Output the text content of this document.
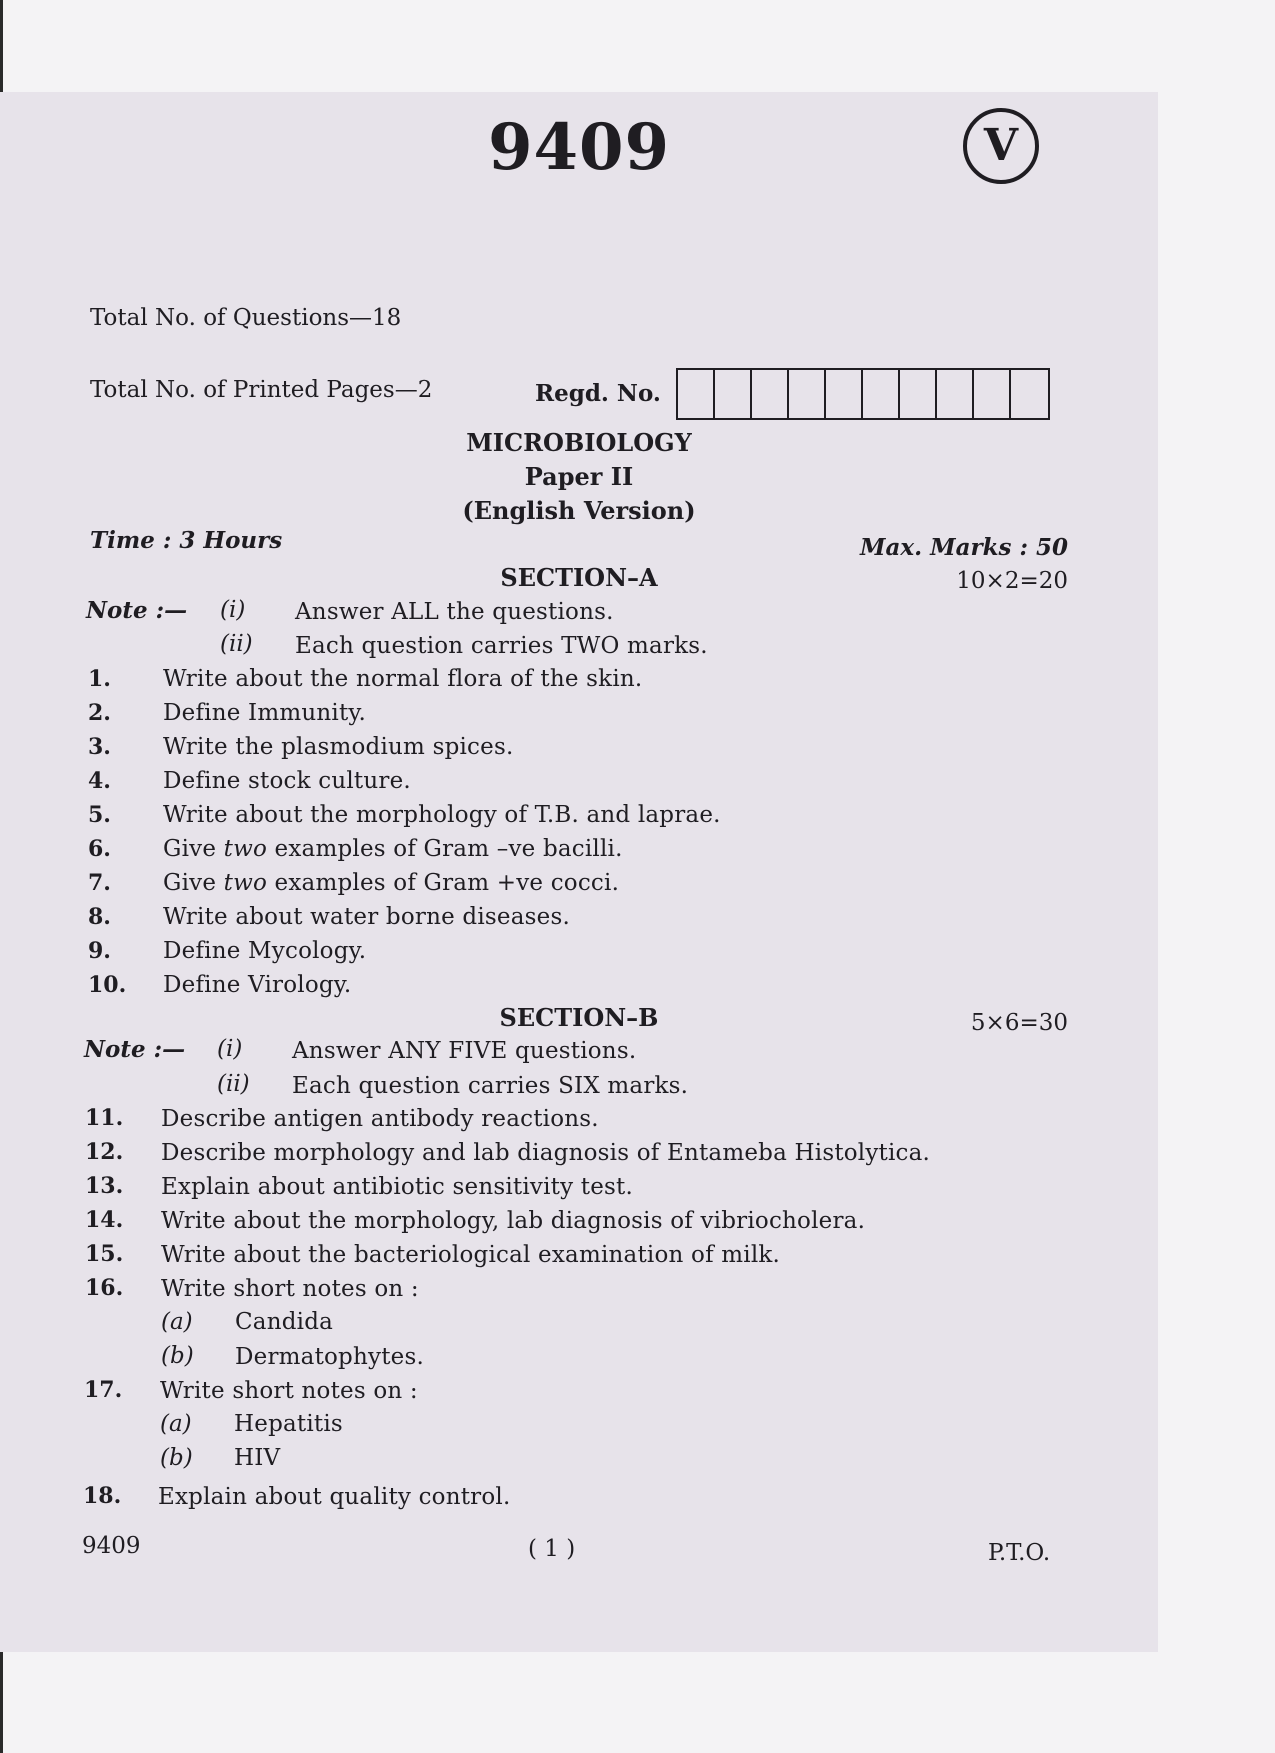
9409	V
Total No. of Questions—18
Total No. of Printed Pages—2	Regd. No.
MICROBIOLOGY
Paper II
(English Version)
Time : 3 Hours	Max. Marks : 50
SECTION–A	10×2=20
Note :— (i) Answer ALL the questions.
(ii) Each question carries TWO marks.
1. Write about the normal flora of the skin.
2. Define Immunity.
3. Write the plasmodium spices.
4. Define stock culture.
5. Write about the morphology of T.B. and laprae.
6. Give two examples of Gram –ve bacilli.
7. Give two examples of Gram +ve cocci.
8. Write about water borne diseases.
9. Define Mycology.
10. Define Virology.
SECTION–B	5×6=30
Note :— (i) Answer ANY FIVE questions.
(ii) Each question carries SIX marks.
11. Describe antigen antibody reactions.
12. Describe morphology and lab diagnosis of Entameba Histolytica.
13. Explain about antibiotic sensitivity test.
14. Write about the morphology, lab diagnosis of vibriocholera.
15. Write about the bacteriological examination of milk.
16. Write short notes on :
(a) Candida
(b) Dermatophytes.
17. Write short notes on :
(a) Hepatitis
(b) HIV
18. Explain about quality control.
9409	( 1 )	P.T.O.
